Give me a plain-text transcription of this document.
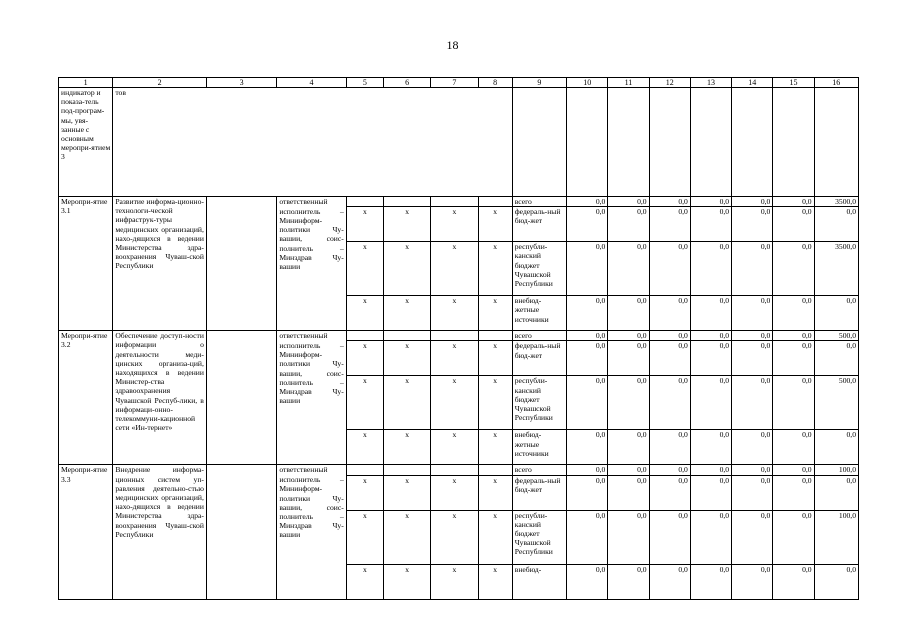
18
1	2	3	4	5	6	7	8	9	10	11	12	13	14	15	16
индикатор и показа-тель под-програм-мы, увя-занные с основным меропри-ятием 3	тов														
Меропри-ятие 3.1	Развитие информа-ционно-технологи-ческой инфраструк-туры медицинских организаций, нахо-дящихся в ведении Министерства здра-воохранения Чуваш-ской Республики		ответственный					всего	0,0	0,0	0,0	0,0	0,0	0,0	3500,0
			исполнитель – Мининформ-политики Чу-вашии, соис-полнитель – Минздрав Чу-вашии	x	x	x	x	федераль-ный бюд-жет	0,0	0,0	0,0	0,0	0,0	0,0	0,0
				x	x	x	x	республи-канский бюджет Чувашской Республики	0,0	0,0	0,0	0,0	0,0	0,0	3500,0
				x	x	x	x	внебюд-жетные источники	0,0	0,0	0,0	0,0	0,0	0,0	0,0
Меропри-ятие 3.2	Обеспечение доступ-ности информации о деятельности меди-цинских организа-ций, находящихся в ведении Министер-ства здравоохранения Чувашской Респуб-лики, в информаци-онно-телекоммуни-кационной сети «Ин-тернет»		ответственный					всего	0,0	0,0	0,0	0,0	0,0	0,0	500,0
			исполнитель – Мининформ-политики Чу-вашии, соис-полнитель – Минздрав Чу-вашии	x	x	x	x	федераль-ный бюд-жет	0,0	0,0	0,0	0,0	0,0	0,0	0,0
				x	x	x	x	республи-канский бюджет Чувашской Республики	0,0	0,0	0,0	0,0	0,0	0,0	500,0
				x	x	x	x	внебюд-жетные источники	0,0	0,0	0,0	0,0	0,0	0,0	0,0
Меропри-ятие 3.3	Внедрение информа-ционных систем уп-равления деятельно-стью медицинских организаций, нахо-дящихся в ведении Министерства здра-воохранения Чуваш-ской Республики		ответственный					всего	0,0	0,0	0,0	0,0	0,0	0,0	100,0
			исполнитель – Мининформ-политики Чу-вашии, соис-полнитель – Минздрав Чу-вашии	x	x	x	x	федераль-ный бюд-жет	0,0	0,0	0,0	0,0	0,0	0,0	0,0
				x	x	x	x	республи-канский бюджет Чувашской Республики	0,0	0,0	0,0	0,0	0,0	0,0	100,0
				x	x	x	x	внебюд-	0,0	0,0	0,0	0,0	0,0	0,0	0,0
